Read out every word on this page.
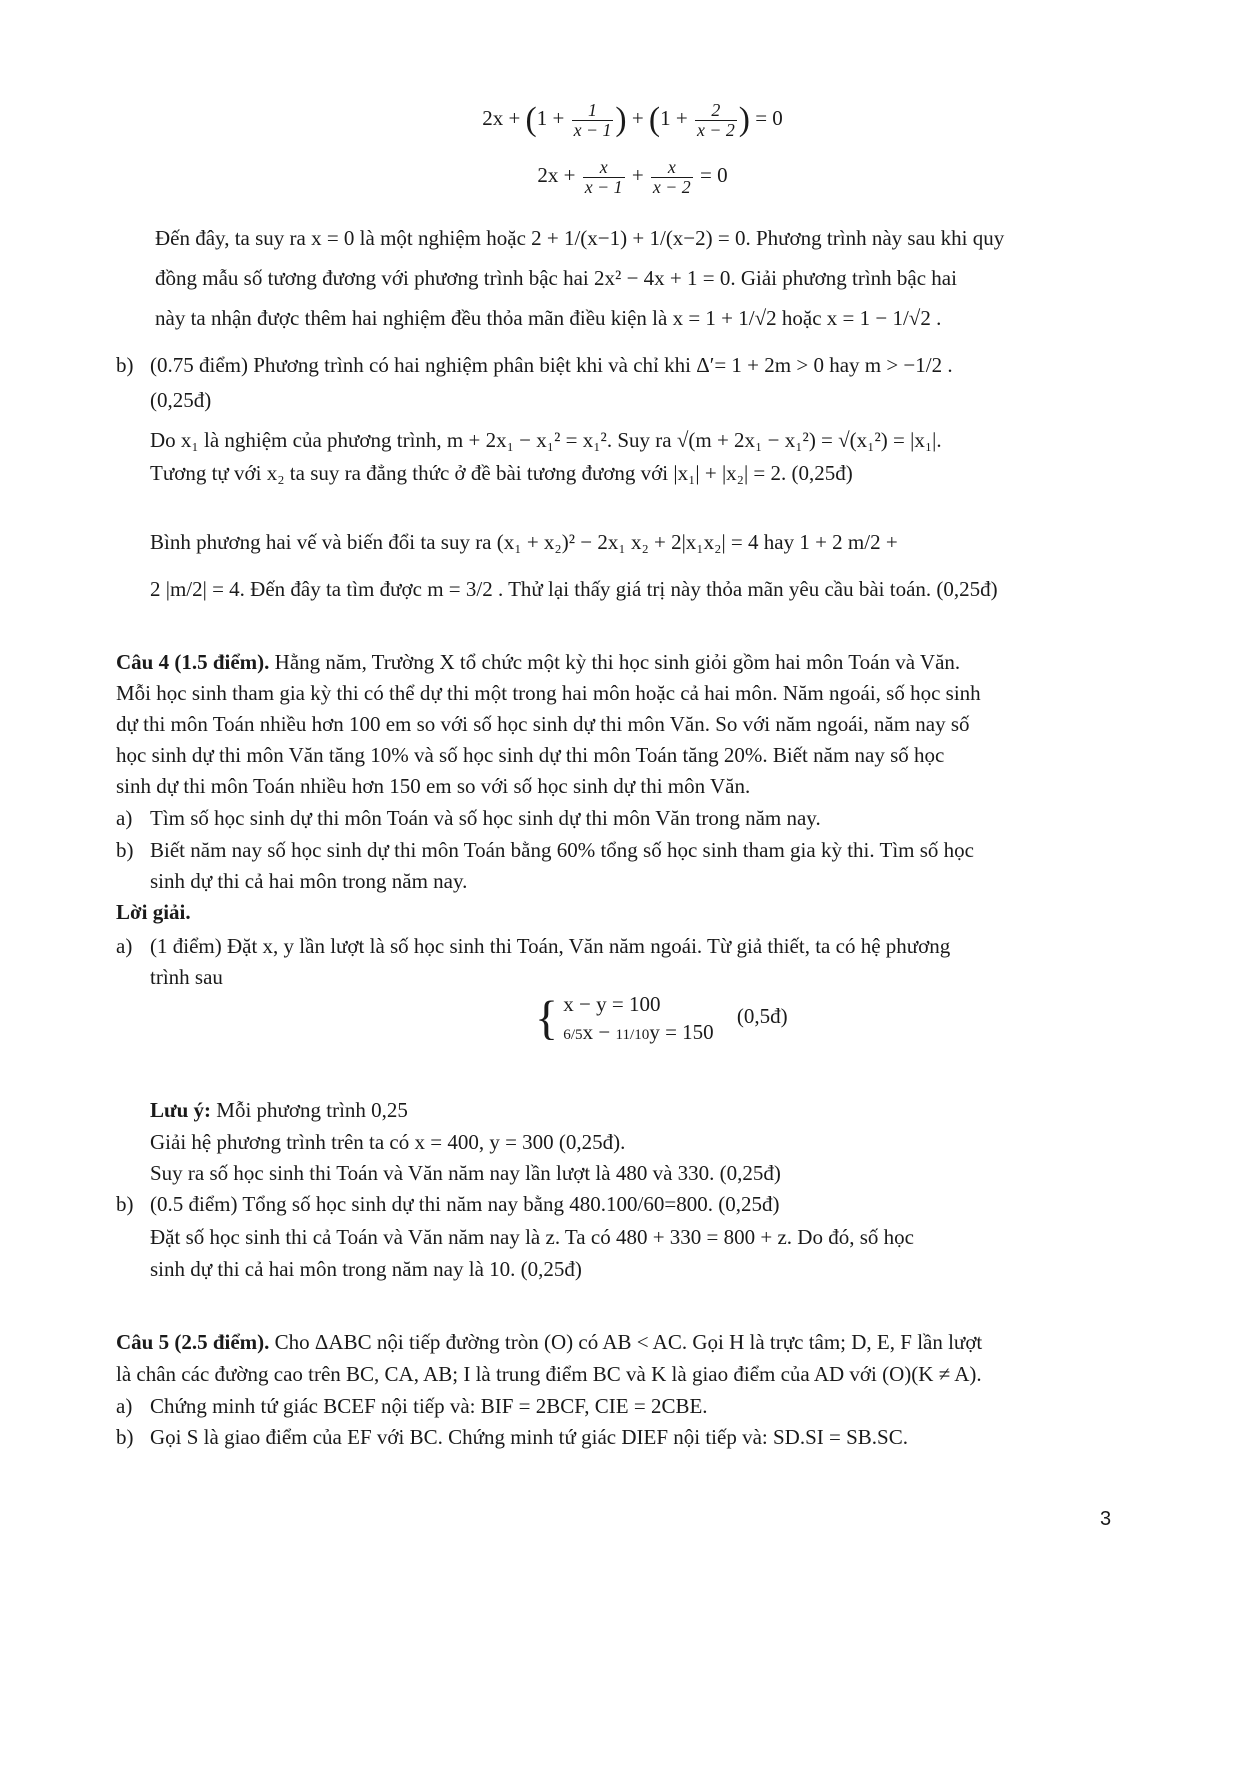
$2x + (1 + \frac{1}{x - 1}$ ) + ($1 + \frac{2}{x - 2}$ ) = 0
$2x + \frac{x}{x - 1} + \frac{x}{x - 2} = 0$
Đến đây, ta suy ra x = 0 là một nghiệm hoặc 2 + 1/(x−1) + 1/(x−2) = 0. Phương trình này sau khi quy
đồng mẫu số tương đương với phương trình bậc hai 2x² − 4x + 1 = 0. Giải phương trình bậc hai
này ta nhận được thêm hai nghiệm đều thỏa mãn điều kiện là x = 1 + 1/√2 hoặc x = 1 − 1/√2 .
b) (0.75 điểm) Phương trình có hai nghiệm phân biệt khi và chỉ khi Δ′= 1 + 2m > 0 hay m > −1/2 .
(0,25đ)
Do x₁ là nghiệm của phương trình, m + 2x₁ − x₁² = x₁². Suy ra √(m + 2x₁ − x₁²) = √(x₁²) = |x₁|.
Tương tự với x₂ ta suy ra đẳng thức ở đề bài tương đương với |x₁| + |x₂| = 2. (0,25đ)
Bình phương hai vế và biến đổi ta suy ra (x₁ + x₂)² − 2x₁ x₂ + 2|x₁x₂| = 4 hay 1 + 2 m/2 +
2 |m/2| = 4. Đến đây ta tìm được m = 3/2 . Thử lại thấy giá trị này thỏa mãn yêu cầu bài toán. (0,25đ)
Câu 4 (1.5 điểm). Hằng năm, Trường X tổ chức một kỳ thi học sinh giỏi gồm hai môn Toán và Văn.
Mỗi học sinh tham gia kỳ thi có thể dự thi một trong hai môn hoặc cả hai môn. Năm ngoái, số học sinh
dự thi môn Toán nhiều hơn 100 em so với số học sinh dự thi môn Văn. So với năm ngoái, năm nay số
học sinh dự thi môn Văn tăng 10% và số học sinh dự thi môn Toán tăng 20%. Biết năm nay số học
sinh dự thi môn Toán nhiều hơn 150 em so với số học sinh dự thi môn Văn.
a) Tìm số học sinh dự thi môn Toán và số học sinh dự thi môn Văn trong năm nay.
b) Biết năm nay số học sinh dự thi môn Toán bằng 60% tổng số học sinh tham gia kỳ thi. Tìm số học
sinh dự thi cả hai môn trong năm nay.
Lời giải.
a) (1 điểm) Đặt x, y lần lượt là số học sinh thi Toán, Văn năm ngoái. Từ giả thiết, ta có hệ phương
trình sau
{ x − y = 100
6/5x − 11/10y = 150
(0,5đ)
Lưu ý: Mỗi phương trình 0,25
Giải hệ phương trình trên ta có x = 400, y = 300 (0,25đ).
Suy ra số học sinh thi Toán và Văn năm nay lần lượt là 480 và 330. (0,25đ)
b) (0.5 điểm) Tổng số học sinh dự thi năm nay bằng 480.100/60=800. (0,25đ)
Đặt số học sinh thi cả Toán và Văn năm nay là z. Ta có 480 + 330 = 800 + z. Do đó, số học
sinh dự thi cả hai môn trong năm nay là 10. (0,25đ)
Câu 5 (2.5 điểm). Cho ΔABC nội tiếp đường tròn (O) có AB < AC. Gọi H là trực tâm; D, E, F lần lượt
là chân các đường cao trên BC, CA, AB; I là trung điểm BC và K là giao điểm của AD với (O)(K ≠ A).
a) Chứng minh tứ giác BCEF nội tiếp và: BIF = 2BCF, CIE = 2CBE.
b) Gọi S là giao điểm của EF với BC. Chứng minh tứ giác DIEF nội tiếp và: SD.SI = SB.SC.
3
